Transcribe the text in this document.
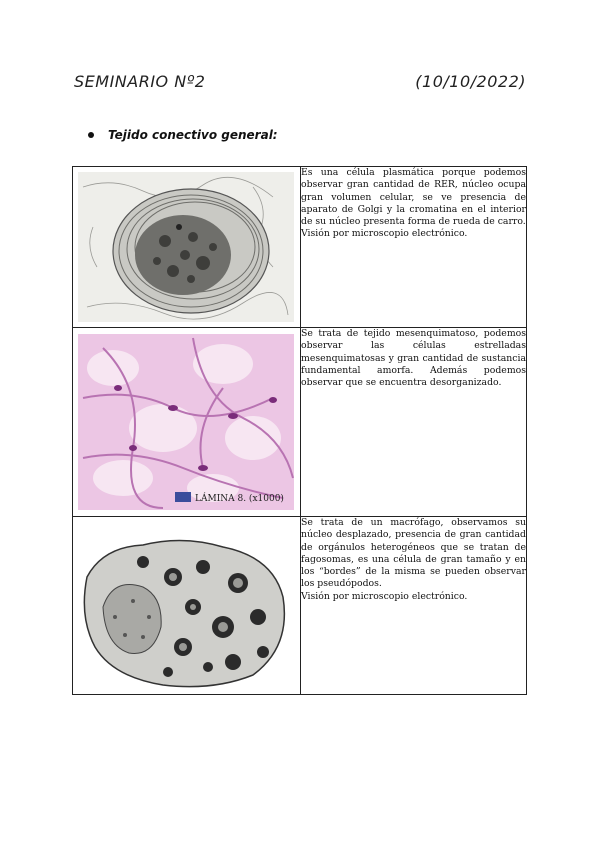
SEMINARIO Nº2	(10/10/2022)
Tejido conectivo general:

Es una célula plasmática porque podemos observar gran cantidad de RER, núcleo ocupa gran volumen celular, se ve presencia de aparato de Golgi y la cromatina en el interior de su núcleo presenta forma de rueda de carro.

Visión por microscopio electrónico.

LÁMINA 8. (x1000)	Se trata de tejido mesenquimatoso, podemos observar las células estrelladas mesenquimatosas y gran cantidad de sustancia fundamental amorfa. Además podemos observar que se encuentra desorganizado.

Se trata de un macrófago, observamos su núcleo desplazado, presencia de gran cantidad de orgánulos heterogéneos que se tratan de fagosomas, es una célula de gran tamaño y en los “bordes” de la misma se pueden observar los pseudópodos.

Visión por microscopio electrónico.
